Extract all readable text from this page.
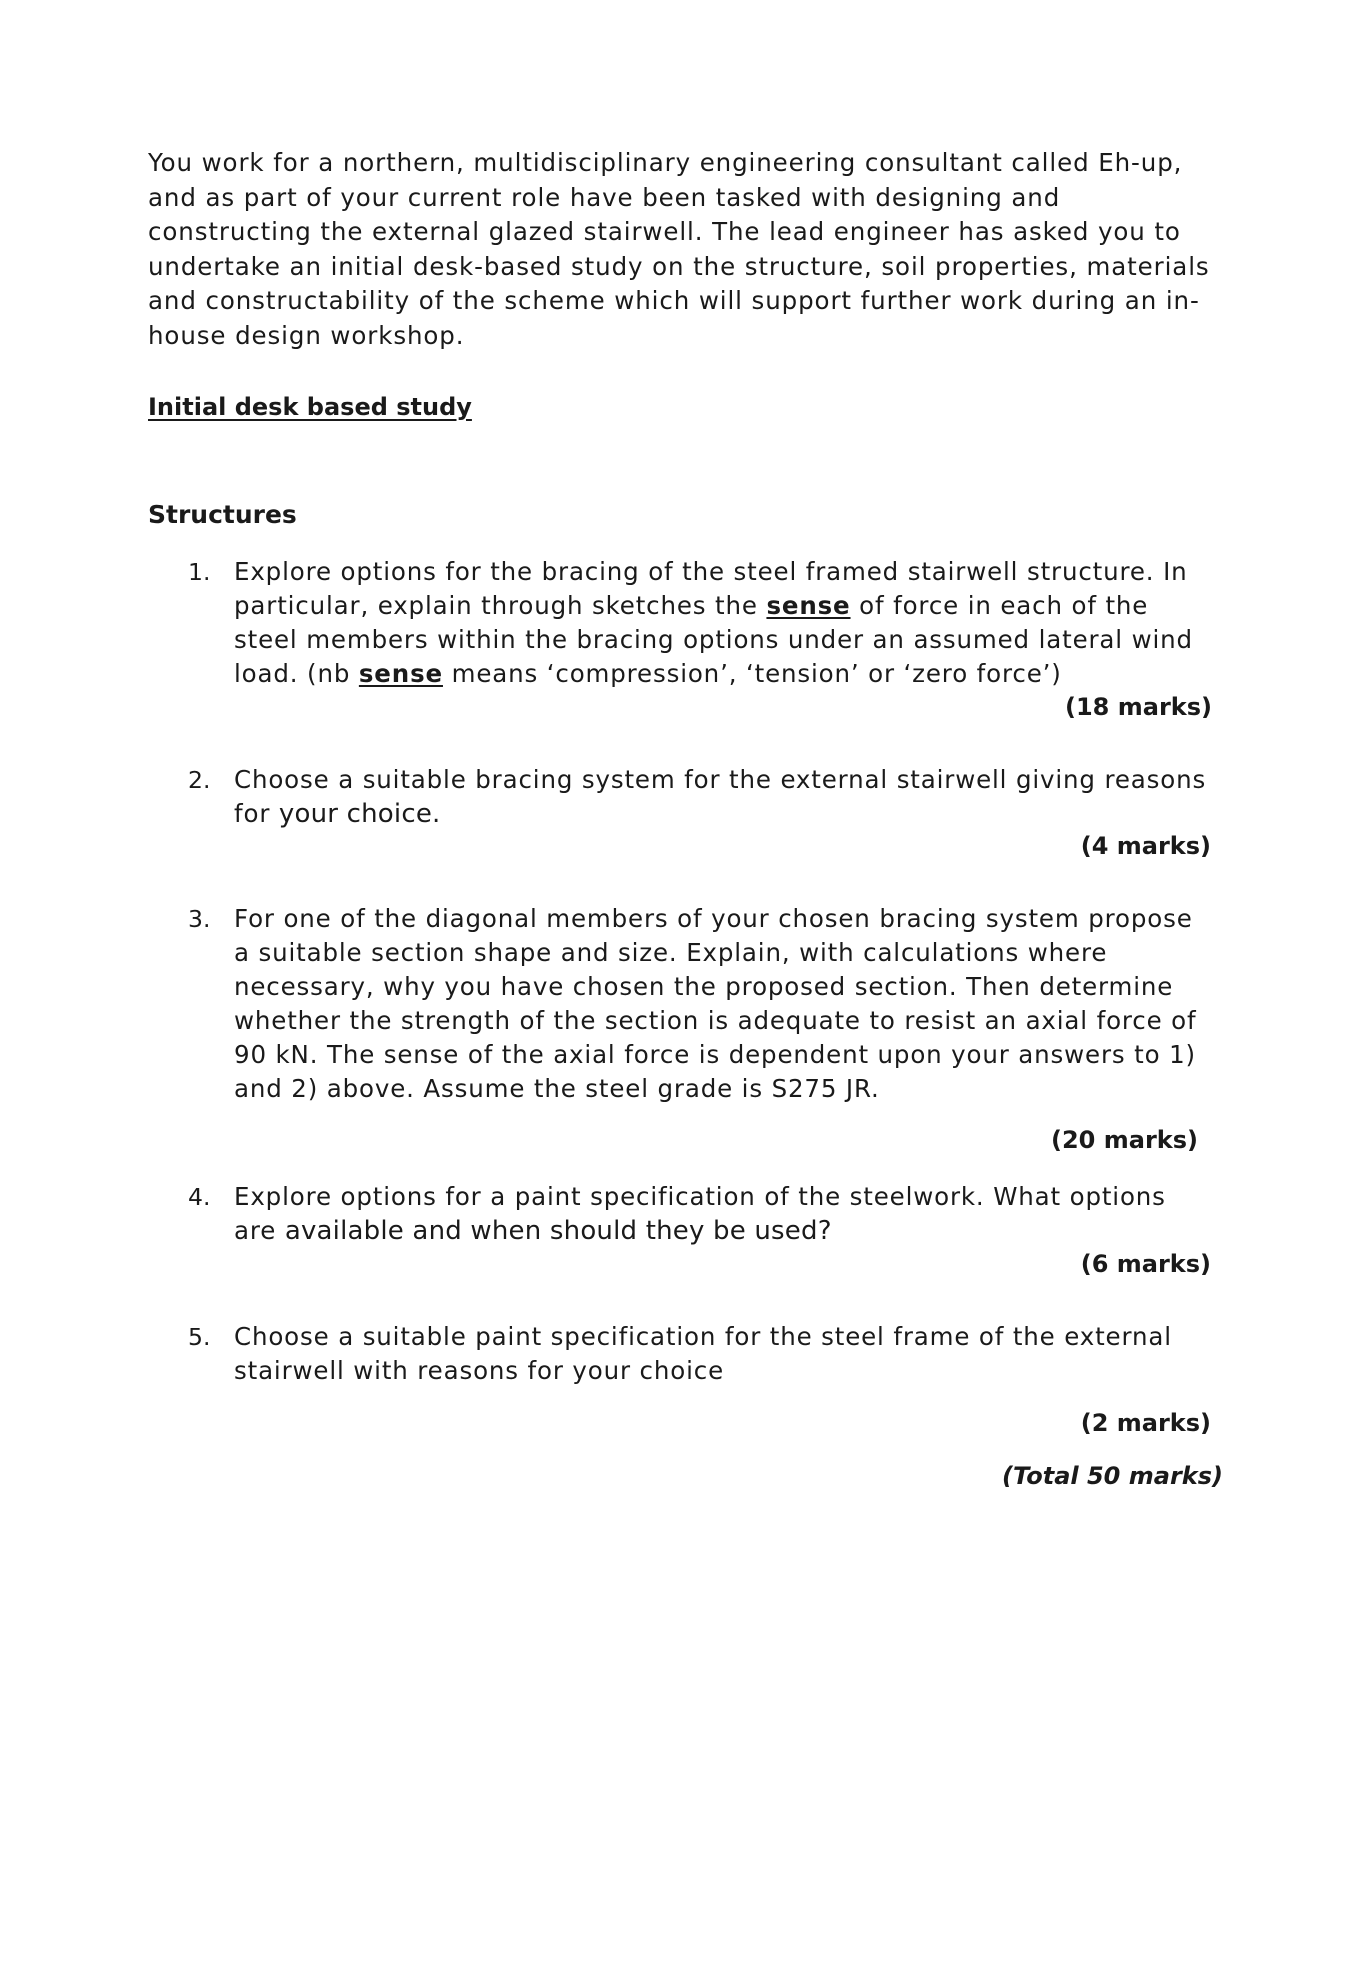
You work for a northern, multidisciplinary engineering consultant called Eh-up, and as part of your current role have been tasked with designing and constructing the external glazed stairwell. The lead engineer has asked you to undertake an initial desk-based study on the structure, soil properties, materials and constructability of the scheme which will support further work during an in-house design workshop.

Initial desk based study
Structures
1. Explore options for the bracing of the steel framed stairwell structure. In particular, explain through sketches the sense of force in each of the steel members within the bracing options under an assumed lateral wind load. (nb sense means ‘compression’, ‘tension’ or ‘zero force’)

(18 marks)
2. Choose a suitable bracing system for the external stairwell giving reasons for your choice.

(4 marks)
3. For one of the diagonal members of your chosen bracing system propose a suitable section shape and size. Explain, with calculations where necessary, why you have chosen the proposed section. Then determine whether the strength of the section is adequate to resist an axial force of 90 kN. The sense of the axial force is dependent upon your answers to 1) and 2) above. Assume the steel grade is S275 JR.

(20 marks)
4. Explore options for a paint specification of the steelwork. What options are available and when should they be used?

(6 marks)
5. Choose a suitable paint specification for the steel frame of the external stairwell with reasons for your choice

(2 marks)
(Total 50 marks)
